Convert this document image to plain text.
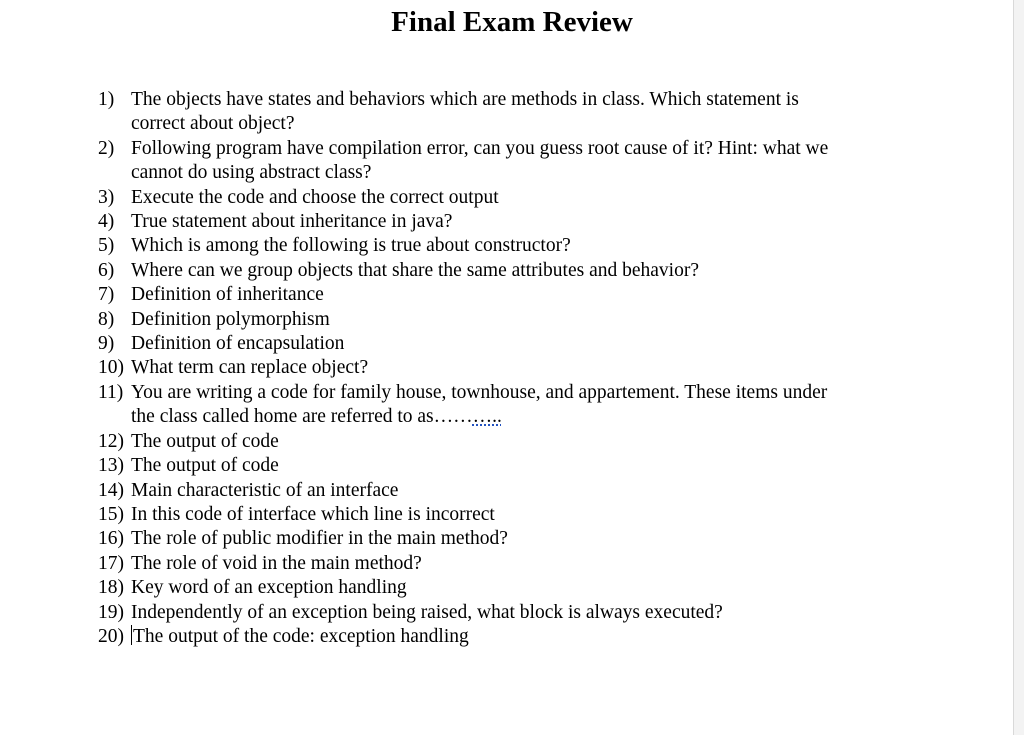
Final Exam Review
1) The objects have states and behaviors which are methods in class. Which statement is
correct about object?
2) Following program have compilation error, can you guess root cause of it? Hint: what we
cannot do using abstract class?
3) Execute the code and choose the correct output
4) True statement about inheritance in java?
5) Which is among the following is true about constructor?
6) Where can we group objects that share the same attributes and behavior?
7) Definition of inheritance
8) Definition polymorphism
9) Definition of encapsulation
10) What term can replace object?
11) You are writing a code for family house, townhouse, and appartement. These items under
the class called home are referred to as………..
12) The output of code
13) The output of code
14) Main characteristic of an interface
15) In this code of interface which line is incorrect
16) The role of public modifier in the main method?
17) The role of void in the main method?
18) Key word of an exception handling
19) Independently of an exception being raised, what block is always executed?
20) The output of the code: exception handling
